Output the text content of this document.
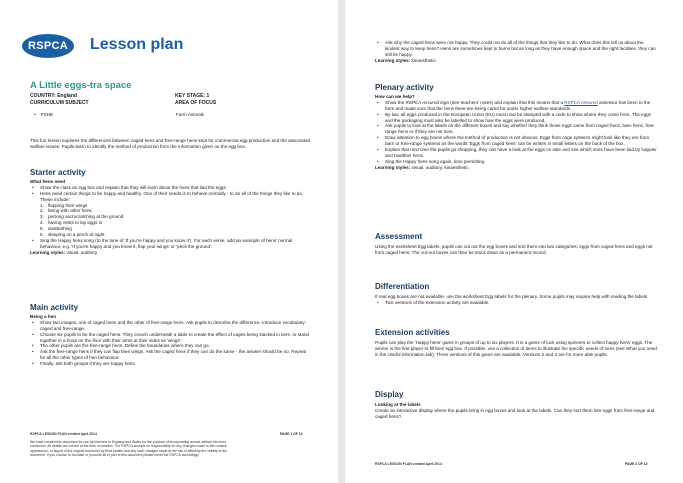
RSPCA	Lesson plan
A Little eggs-tra space
COUNTRY: England	KEY STAGE: 1
CURRICULUM SUBJECT	AREA OF FOCUS
•    PSHE	Farm Animals
This fun lesson explores the differences between caged hens and free-range hens kept for commercial egg production and the associated welfare issues. Pupils learn to identify the method of production from the information given on the egg box.
Starter activity
What hens need
• Show the class an egg box and explain that they will learn about the hens that laid the eggs.
• Hens need certain things to be happy and healthy. One of their needs is to behave normally - to do all of the things they like to do. These include:
1. flapping their wings
2. being with other hens
3. pecking and scratching at the ground
4. having nests to lay eggs in
5. dustbathing
6. sleeping on a perch at night.
• Sing the Happy hens song (to the tune of 'If you're happy and you know it'). For each verse, add an example of hens' normal behaviour, e.g. 'If you're happy and you know it, flap your wings' or 'peck the ground'.
Learning styles: visual, auditory.
Main activity
Being a hen
• Show two images, one of caged hens and the other of free-range hens. Ask pupils to describe the difference. Introduce vocabulary: caged and free-range.
• Choose six pupils to be the caged hens. They crouch underneath a table to create the effect of cages being stacked in tiers, or stand together in a hoop on the floor with their arms at their sides as 'wings'.
• The other pupils are the free-range hens. Define the boundaries where they can go.
• Ask the free-range hens if they can flap their wings. Ask the caged hens if they can do the same - the answer should be no. Repeat for all the other types of hen behaviour.
• Finally, ask both groups if they are happy hens.
RSPCA LESSON PLAN created April 2014
We have created this document for use by teachers in England and Wales for the purpose of incorporating animal welfare into their curriculum. All details are correct at the time of creation. The RSPCA accepts no responsibility for any changes made to the content, appearance, or layout of the original document by third parties and any such changes made at the risk of affecting the validity of the document. If you choose to circulate or promote all or part of this document please credit the RSPCA accordingly
PAGE 1 OF 12
• Ask why the caged hens were not happy. They could not do all of the things that they like to do. What does this tell us about the kindest way to keep hens? Hens are sometimes kept in barns but as long as they have enough space and the right facilities, they can still be happy.
Learning styles: kinaesthetic.
Plenary activity
How can we help?
• Show the RSPCA Assured logo (see teachers' notes) and explain that this means that a RSPCA Assured assessor has been to the farm and made sure that the hens there are being cared for under higher welfare standards.
• By law, all eggs produced in the European Union (EU) must now be stamped with a code to show where they come from. The eggs and the packaging must also be labelled to show how the eggs were produced.
• Ask pupils to look at the labels on the different boxes and say whether they think those eggs came from caged hens, barn hens, free-range hens or if they are not sure.
• Draw attention to egg boxes where the method of production is not obvious. Eggs from cage systems might look like they are from barn or free-range systems as the words 'Eggs from caged hens' can be written in small letters on the back of the box.
• Explain that next time the pupils go shopping, they can have a look at the eggs on sale and see which ones have been laid by happier and healthier hens.
• Sing the Happy hens song again, time permitting.
Learning styles: visual, auditory, kinaesthetic.
Assessment
Using the worksheet Egg labels, pupils can cut out the egg boxes and sort them into two categories: eggs from caged hens and eggs not from caged hens. The cut-out boxes can then be stuck down as a permanent record.
Differentiation
If real egg boxes are not available, use the worksheet Egg labels for the plenary. Some pupils may require help with reading the labels.
• Two versions of the extension activity are available.
Extension activities
Pupils can play the 'Happy hens' game in groups of up to six players. It is a game of luck using spinners to collect happy hens' eggs. The winner is the first player to fill their egg box. If possible, use a collection of items to illustrate the specific needs of hens (see What you need in the Useful information tab). Three versions of this game are available. Versions 2 and 3 are for more able pupils.
Display
Looking at the labels
Create an interactive display where the pupils bring in egg boxes and look at the labels. Can they sort them into eggs from free-range and caged hens?
RSPCA LESSON PLAN created April 2014	PAGE 2 OF 12
